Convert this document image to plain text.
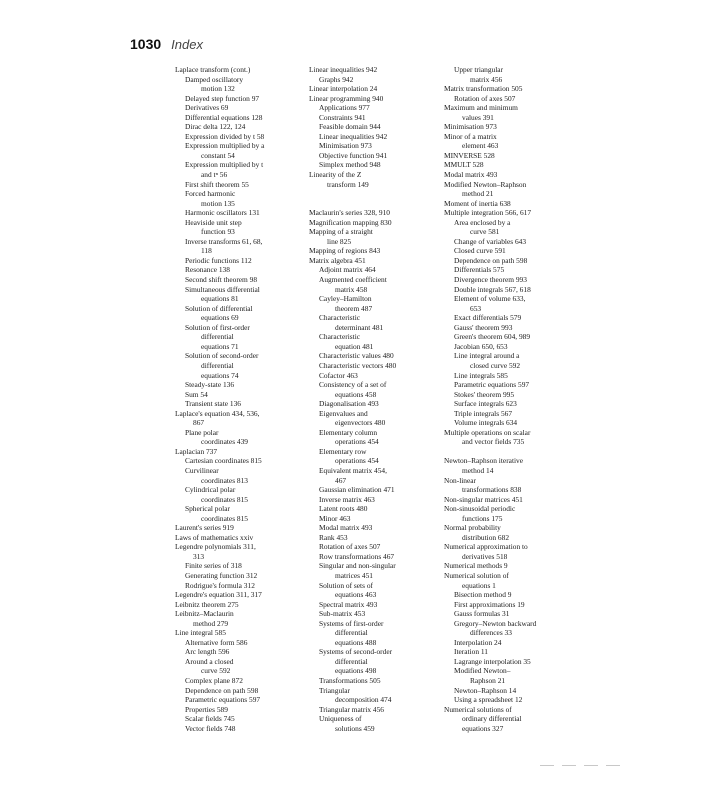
1030 Index
Laplace transform (cont.)
Damped oscillatory
motion 132
Delayed step function 97
Derivatives 69
Differential equations 128
Dirac delta 122, 124
Expression divided by t 58
Expression multiplied by a
constant 54
Expression multiplied by t
and tⁿ 56
First shift theorem 55
Forced harmonic
motion 135
Harmonic oscillators 131
Heaviside unit step
function 93
Inverse transforms 61, 68,
118
Periodic functions 112
Resonance 138
Second shift theorem 98
Simultaneous differential
equations 81
Solution of differential
equations 69
Solution of first-order
differential
equations 71
Solution of second-order
differential
equations 74
Steady-state 136
Sum 54
Transient state 136
Laplace's equation 434, 536,
867
Plane polar
coordinates 439
Laplacian 737
Cartesian coordinates 815
Curvilinear
coordinates 813
Cylindrical polar
coordinates 815
Spherical polar
coordinates 815
Laurent's series 919
Laws of mathematics xxiv
Legendre polynomials 311,
313
Finite series of 318
Generating function 312
Rodrigue's formula 312
Legendre's equation 311, 317
Leibnitz theorem 275
Leibnitz–Maclaurin
method 279
Line integral 585
Alternative form 586
Arc length 596
Around a closed
curve 592
Complex plane 872
Dependence on path 598
Parametric equations 597
Properties 589
Scalar fields 745
Vector fields 748
Linear inequalities 942
Graphs 942
Linear interpolation 24
Linear programming 940
Applications 977
Constraints 941
Feasible domain 944
Linear inequalities 942
Minimisation 973
Objective function 941
Simplex method 948
Linearity of the Z
transform 149
Maclaurin's series 328, 910
Magnification mapping 830
Mapping of a straight
line 825
Mapping of regions 843
Matrix algebra 451
Adjoint matrix 464
Augmented coefficient
matrix 458
Cayley–Hamilton
theorem 487
Characteristic
determinant 481
Characteristic
equation 481
Characteristic values 480
Characteristic vectors 480
Cofactor 463
Consistency of a set of
equations 458
Diagonalisation 493
Eigenvalues and
eigenvectors 480
Elementary column
operations 454
Elementary row
operations 454
Equivalent matrix 454,
467
Gaussian elimination 471
Inverse matrix 463
Latent roots 480
Minor 463
Modal matrix 493
Rank 453
Rotation of axes 507
Row transformations 467
Singular and non-singular
matrices 451
Solution of sets of
equations 463
Spectral matrix 493
Sub-matrix 453
Systems of first-order
differential
equations 488
Systems of second-order
differential
equations 498
Transformations 505
Triangular
decomposition 474
Triangular matrix 456
Uniqueness of
solutions 459
Upper triangular
matrix 456
Matrix transformation 505
Rotation of axes 507
Maximum and minimum
values 391
Minimisation 973
Minor of a matrix
element 463
MINVERSE 528
MMULT 528
Modal matrix 493
Modified Newton–Raphson
method 21
Moment of inertia 638
Multiple integration 566, 617
Area enclosed by a
curve 581
Change of variables 643
Closed curve 591
Dependence on path 598
Differentials 575
Divergence theorem 993
Double integrals 567, 618
Element of volume 633,
653
Exact differentials 579
Gauss' theorem 993
Green's theorem 604, 989
Jacobian 650, 653
Line integral around a
closed curve 592
Line integrals 585
Parametric equations 597
Stokes' theorem 995
Surface integrals 623
Triple integrals 567
Volume integrals 634
Multiple operations on scalar
and vector fields 735
Newton–Raphson iterative
method 14
Non-linear
transformations 838
Non-singular matrices 451
Non-sinusoidal periodic
functions 175
Normal probability
distribution 682
Numerical approximation to
derivatives 518
Numerical methods 9
Numerical solution of
equations 1
Bisection method 9
First approximations 19
Gauss formulas 31
Gregory–Newton backward
differences 33
Interpolation 24
Iteration 11
Lagrange interpolation 35
Modified Newton–
Raphson 21
Newton–Raphson 14
Using a spreadsheet 12
Numerical solutions of
ordinary differential
equations 327
